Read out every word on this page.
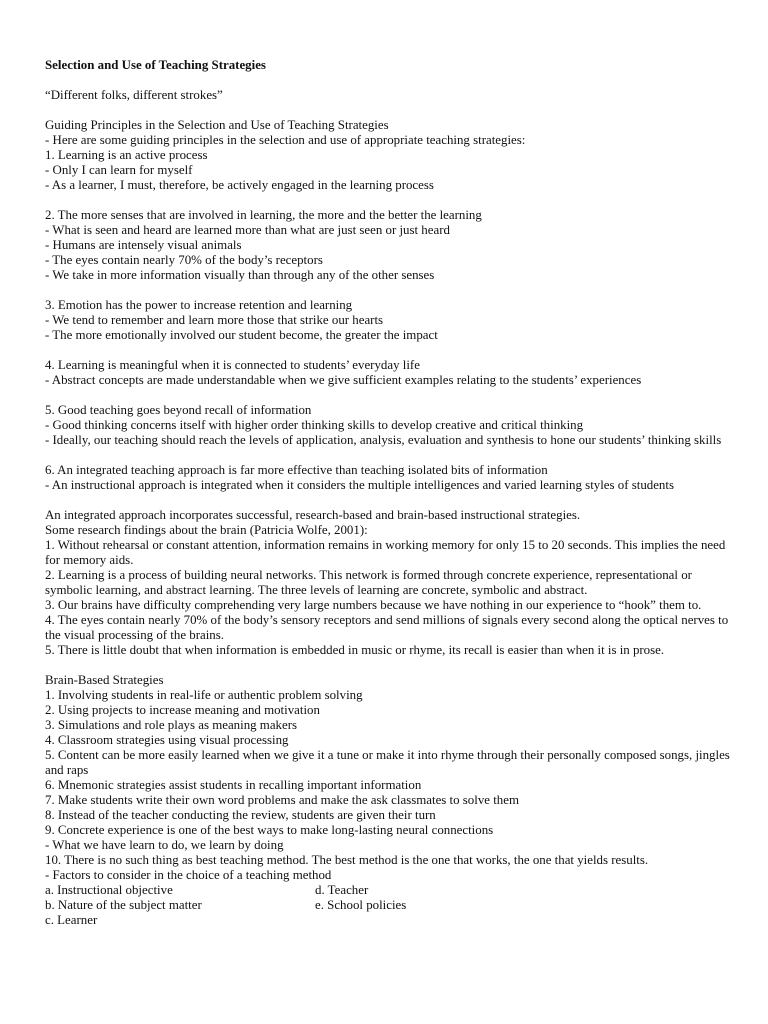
Selection and Use of Teaching Strategies

“Different folks, different strokes”

Guiding Principles in the Selection and Use of Teaching Strategies

- Here are some guiding principles in the selection and use of appropriate teaching strategies:

1. Learning is an active process

- Only I can learn for myself

- As a learner, I must, therefore, be actively engaged in the learning process

2. The more senses that are involved in learning, the more and the better the learning

- What is seen and heard are learned more than what are just seen or just heard

- Humans are intensely visual animals

- The eyes contain nearly 70% of the body’s receptors

- We take in more information visually than through any of the other senses

3. Emotion has the power to increase retention and learning

- We tend to remember and learn more those that strike our hearts

- The more emotionally involved our student become, the greater the impact

4. Learning is meaningful when it is connected to students’ everyday life

- Abstract concepts are made understandable when we give sufficient examples relating to the students’ experiences

5. Good teaching goes beyond recall of information

- Good thinking concerns itself with higher order thinking skills to develop creative and critical thinking

- Ideally, our teaching should reach the levels of application, analysis, evaluation and synthesis to hone our students’ thinking skills

6. An integrated teaching approach is far more effective than teaching isolated bits of information

- An instructional approach is integrated when it considers the multiple intelligences and varied learning styles of students

An integrated approach incorporates successful, research-based and brain-based instructional strategies.

Some research findings about the brain (Patricia Wolfe, 2001):

1. Without rehearsal or constant attention, information remains in working memory for only 15 to 20 seconds. This implies the need for memory aids.

2. Learning is a process of building neural networks. This network is formed through concrete experience, representational or symbolic learning, and abstract learning. The three levels of learning are concrete, symbolic and abstract.

3. Our brains have difficulty comprehending very large numbers because we have nothing in our experience to “hook” them to.

4. The eyes contain nearly 70% of the body’s sensory receptors and send millions of signals every second along the optical nerves to the visual processing of the brains.

5. There is little doubt that when information is embedded in music or rhyme, its recall is easier than when it is in prose.

Brain-Based Strategies

1. Involving students in real-life or authentic problem solving

2. Using projects to increase meaning and motivation

3. Simulations and role plays as meaning makers

4. Classroom strategies using visual processing

5. Content can be more easily learned when we give it a tune or make it into rhyme through their personally composed songs, jingles and raps

6. Mnemonic strategies assist students in recalling important information

7. Make students write their own word problems and make the ask classmates to solve them

8. Instead of the teacher conducting the review, students are given their turn

9. Concrete experience is one of the best ways to make long-lasting neural connections

- What we have learn to do, we learn by doing

10. There is no such thing as best teaching method. The best method is the one that works, the one that yields results.

- Factors to consider in the choice of a teaching method

a. Instructional objective

b. Nature of the subject matter

c. Learner

d. Teacher

e. School policies
